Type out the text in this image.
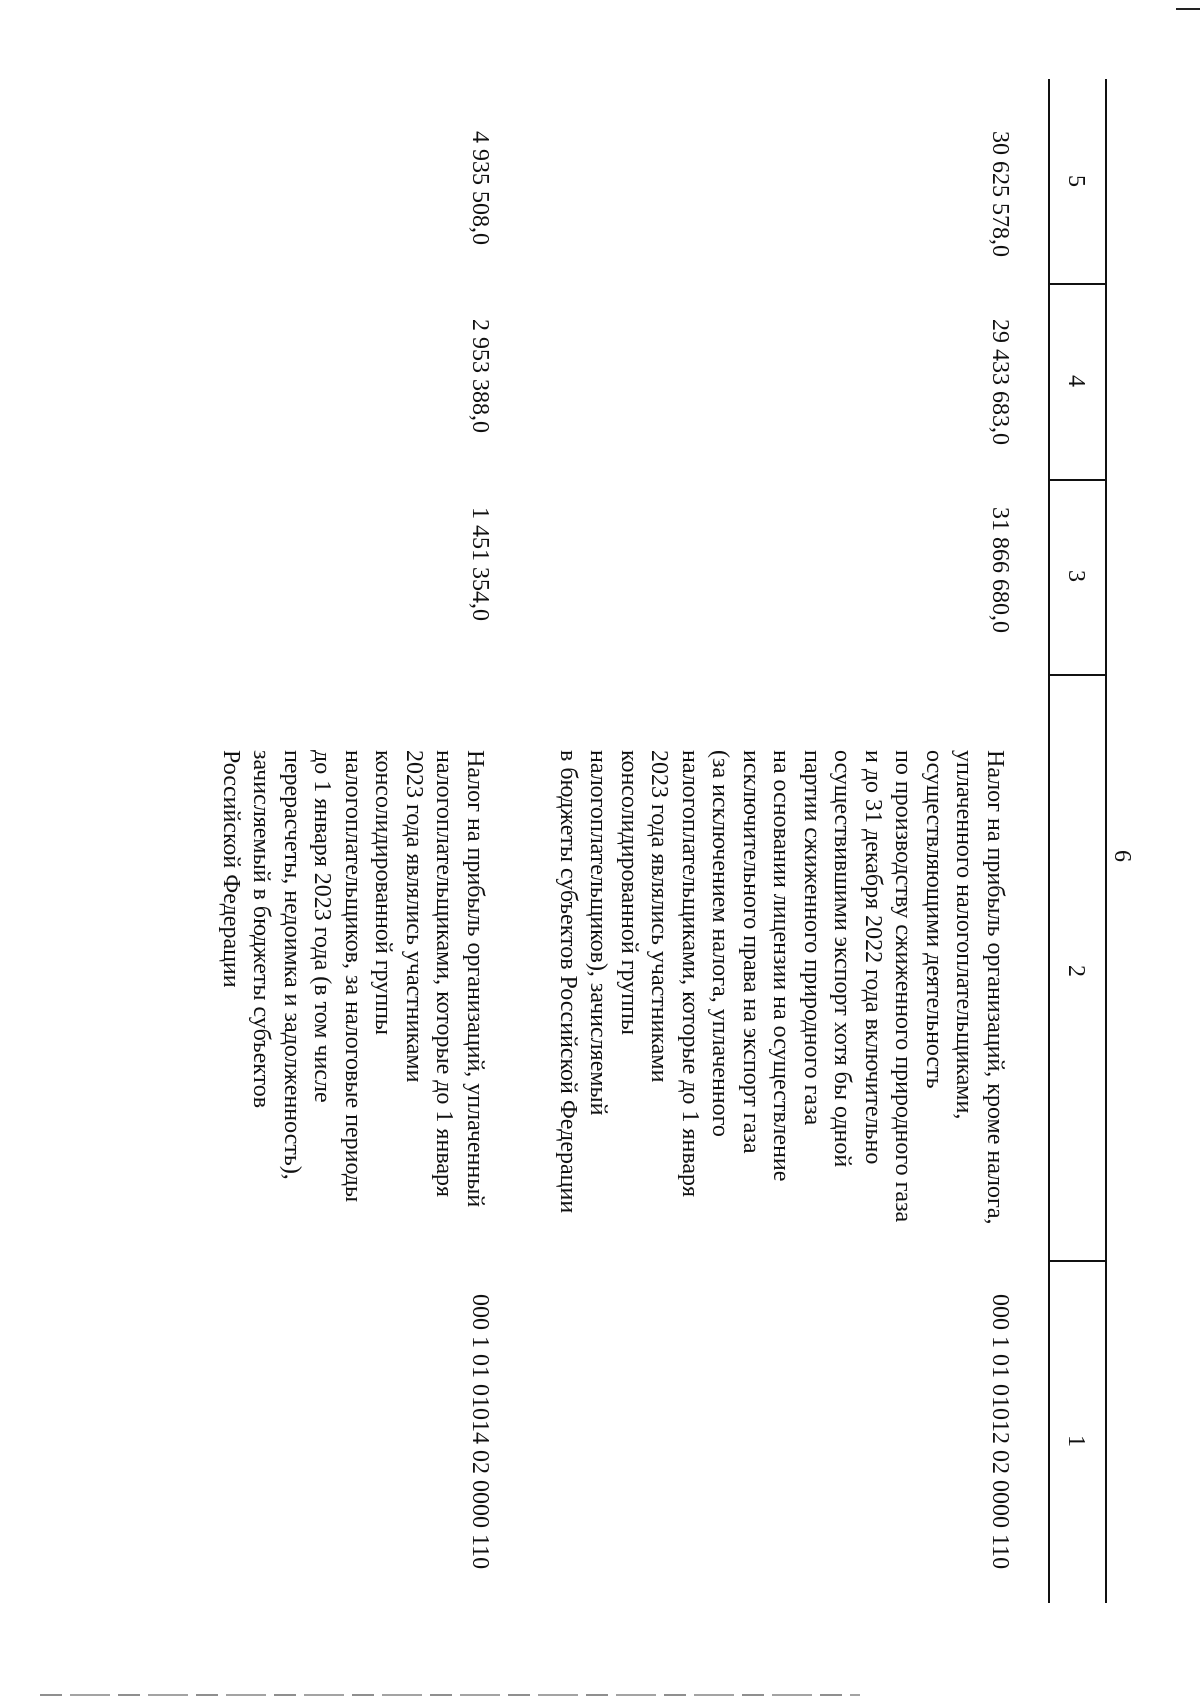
6
1
2
3
4
5
000 1 01 01012 02 0000 110
Налог на прибыль организаций, кроме налога,
уплаченного налогоплательщиками,
осуществляющими деятельность
по производству сжиженного природного газа
и до 31 декабря 2022 года включительно
осуществившими экспорт хотя бы одной
партии сжиженного природного газа
на основании лицензии на осуществление
исключительного права на экспорт газа
(за исключением налога, уплаченного
налогоплательщиками, которые до 1 января
2023 года являлись участниками
консолидированной группы
налогоплательщиков), зачисляемый
в бюджеты субъектов Российской Федерации
31 866 680,0
29 433 683,0
30 625 578,0
000 1 01 01014 02 0000 110
Налог на прибыль организаций, уплаченный
налогоплательщиками, которые до 1 января
2023 года являлись участниками
консолидированной группы
налогоплательщиков, за налоговые периоды
до 1 января 2023 года (в том числе
перерасчеты, недоимка и задолженность),
зачисляемый в бюджеты субъектов
Российской Федерации
1 451 354,0
2 953 388,0
4 935 508,0
